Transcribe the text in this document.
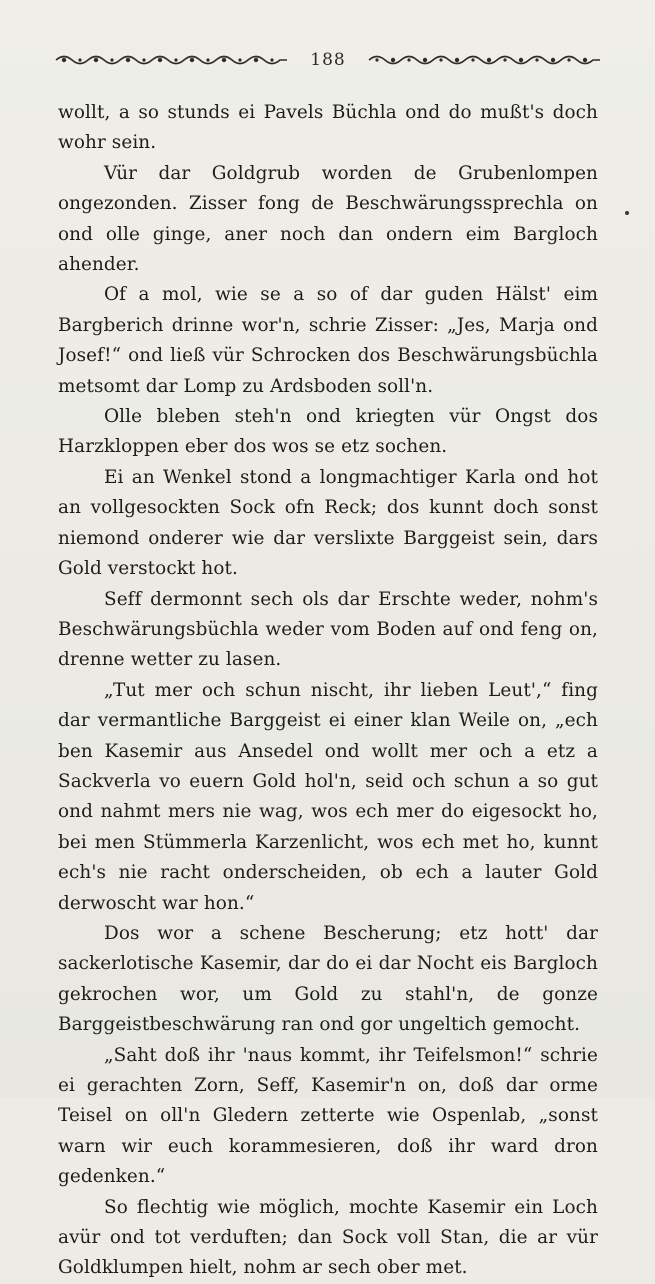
188

wollt, a so stunds ei Pavels Büchla ond do mußt's doch wohr sein.

Vür dar Goldgrub worden de Grubenlompen ongezonden. Zisser fong de Beschwärungssprechla on ond olle ginge, aner noch dan ondern eim Bargloch ahender.

Of a mol, wie se a so of dar guden Hälst' eim Bargberich drinne wor'n, schrie Zisser: „Jes, Marja ond Josef!“ ond ließ vür Schrocken dos Beschwärungsbüchla metsomt dar Lomp zu Ardsboden soll'n.

Olle bleben steh'n ond kriegten vür Ongst dos Harzkloppen eber dos wos se etz sochen.

Ei an Wenkel stond a longmachtiger Karla ond hot an vollgesockten Sock ofn Reck; dos kunnt doch sonst niemond onderer wie dar verslixte Barggeist sein, dars Gold verstockt hot.

Seff dermonnt sech ols dar Erschte weder, nohm's Beschwärungsbüchla weder vom Boden auf ond feng on, drenne wetter zu lasen.

„Tut mer och schun nischt, ihr lieben Leut',“ fing dar vermantliche Barggeist ei einer klan Weile on, „ech ben Kasemir aus Ansedel ond wollt mer och a etz a Sackverla vo euern Gold hol'n, seid och schun a so gut ond nahmt mers nie wag, wos ech mer do eigesockt ho, bei men Stümmerla Karzenlicht, wos ech met ho, kunnt ech's nie racht onderscheiden, ob ech a lauter Gold derwoscht war hon.“

Dos wor a schene Bescherung; etz hott' dar sackerlotische Kasemir, dar do ei dar Nocht eis Bargloch gekrochen wor, um Gold zu stahl'n, de gonze Barggeistbeschwärung ran ond gor ungeltich gemocht.

„Saht doß ihr 'naus kommt, ihr Teifelsmon!“ schrie ei gerachten Zorn, Seff, Kasemir'n on, doß dar orme Teisel on oll'n Gledern zetterte wie Ospenlab, „sonst warn wir euch korammesieren, doß ihr ward dron gedenken.“

So flechtig wie möglich, mochte Kasemir ein Loch avür ond tot verduften; dan Sock voll Stan, die ar vür Goldklumpen hielt, nohm ar sech ober met.
